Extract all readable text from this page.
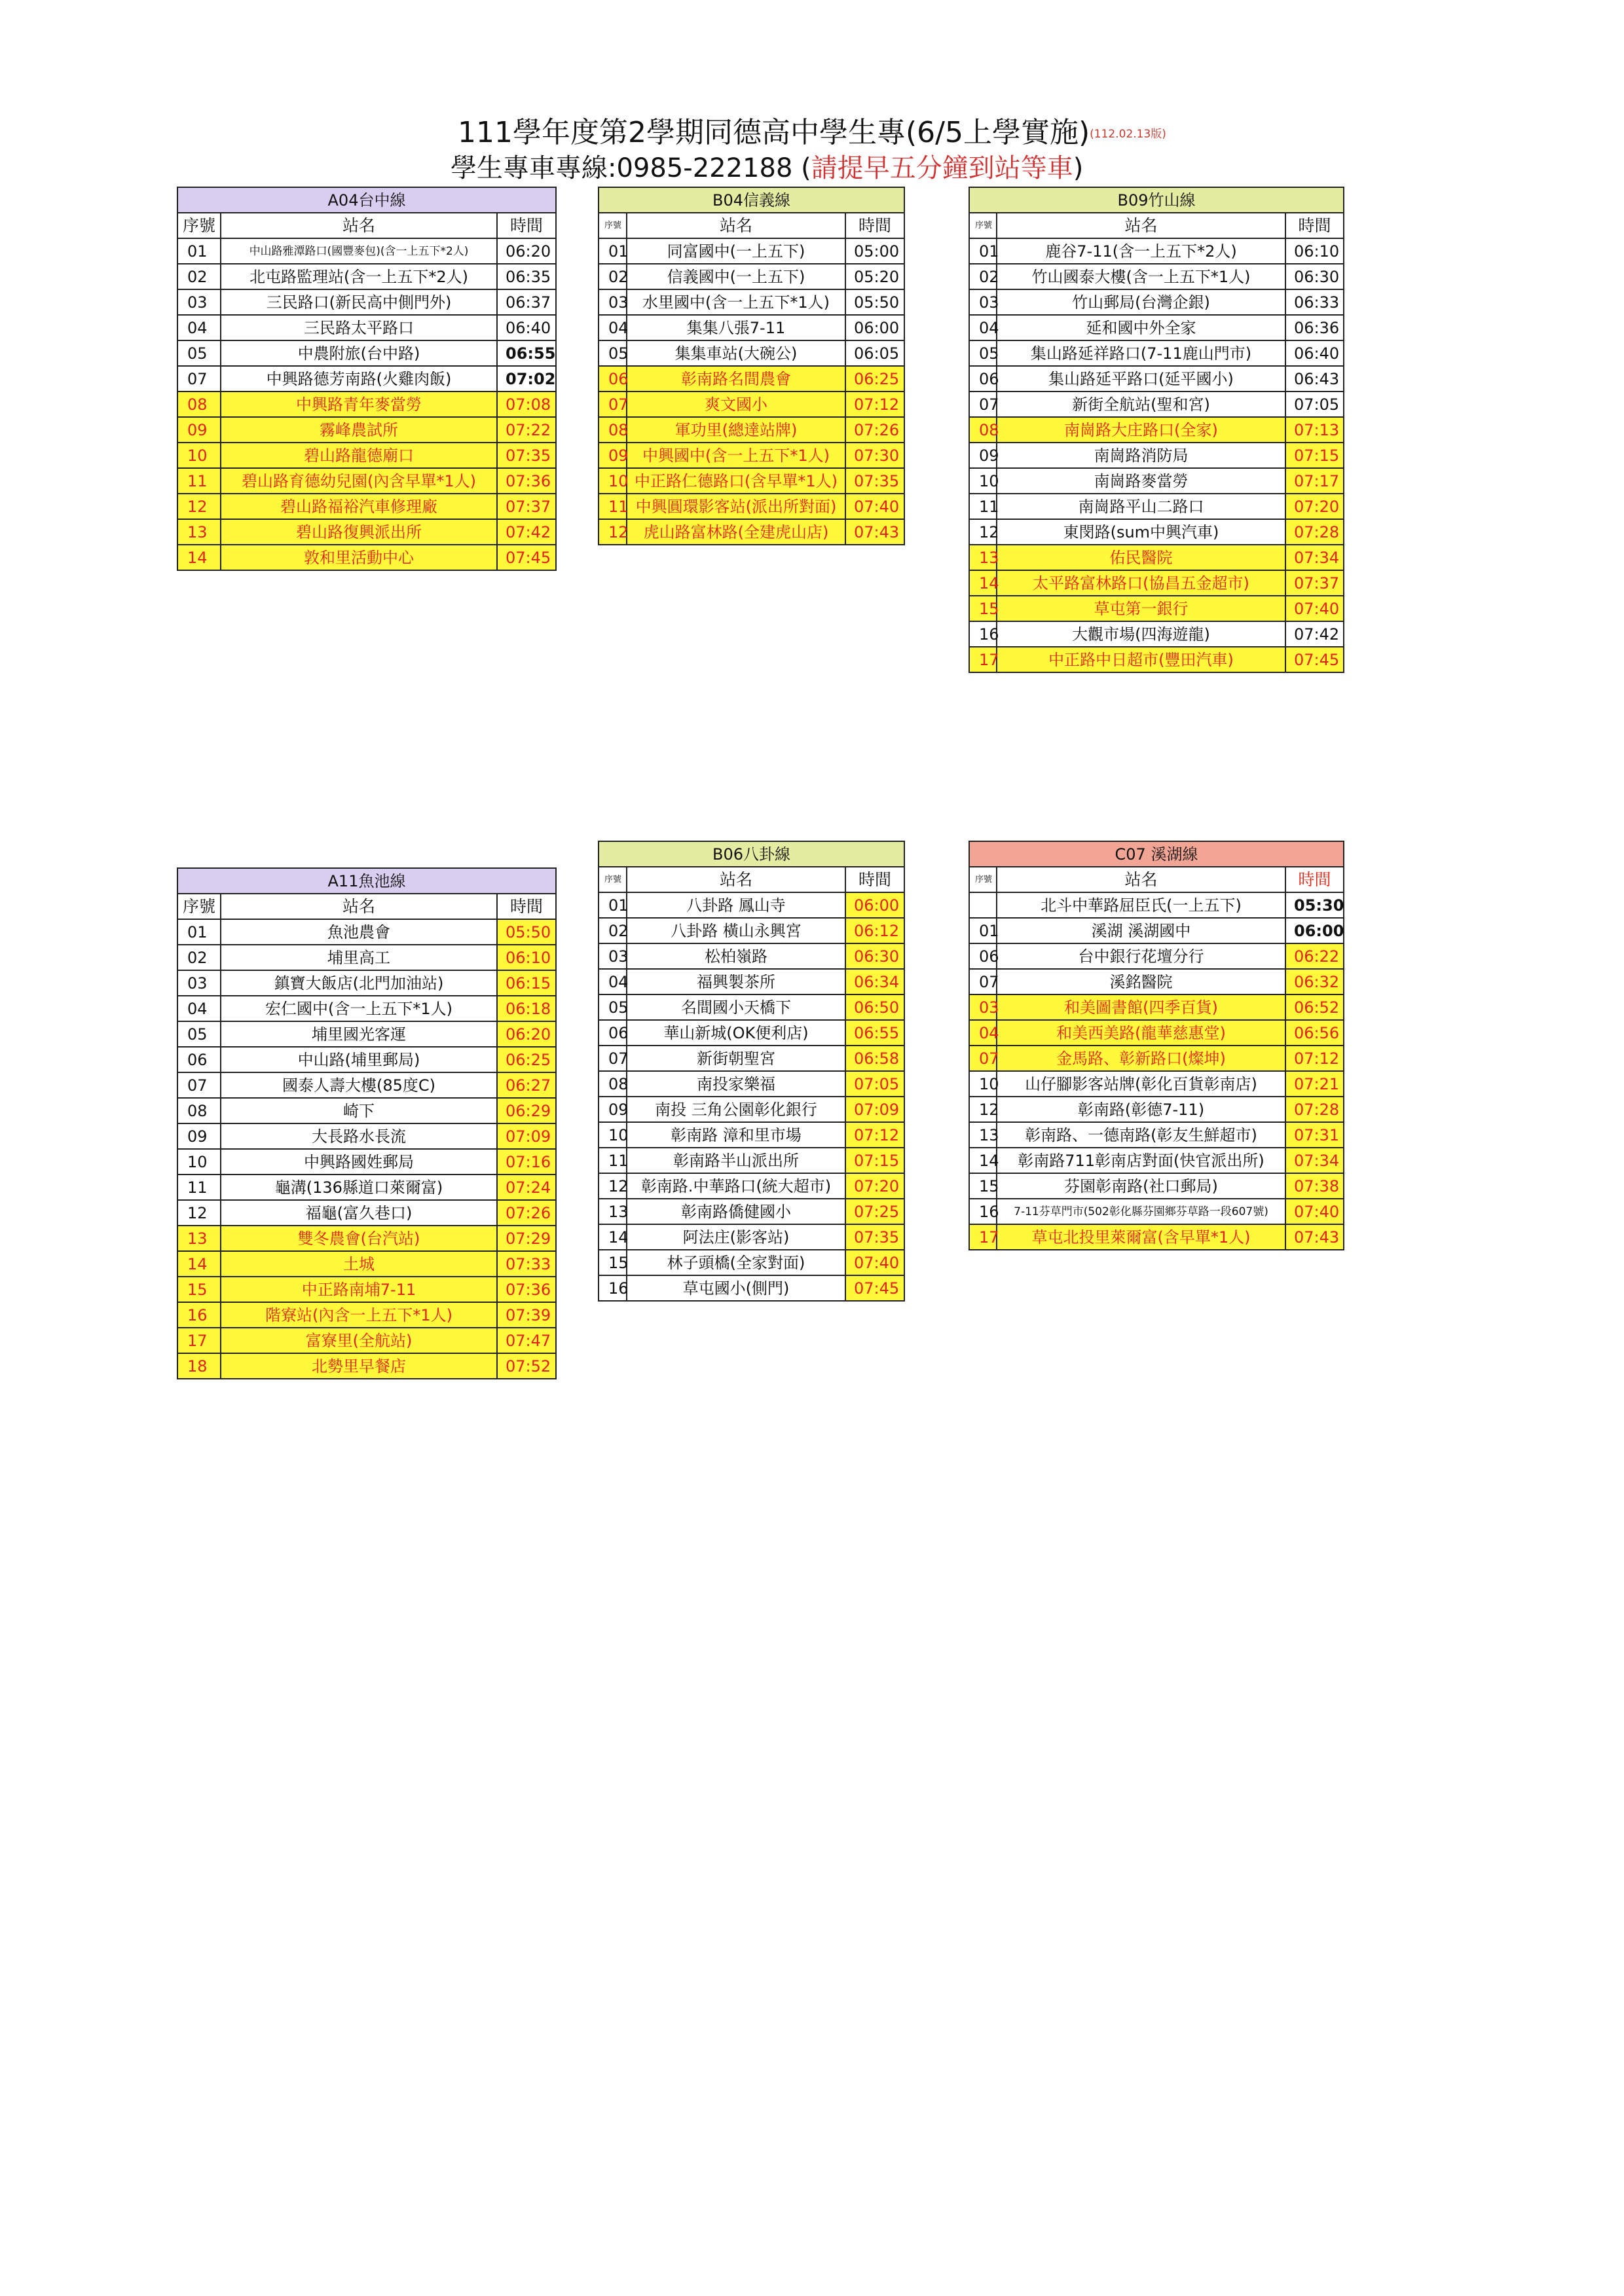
111學年度第2學期同德高中學生專(6/5上學實施)(112.02.13版)
學生專車專線:0985-222188 (請提早五分鐘到站等車)
A04台中線		
序號	站名	時間
01	中山路雅潭路口(國豐麥包)(含一上五下*2人)	06:20
02	北屯路監理站(含一上五下*2人)	06:35
03	三民路口(新民高中側門外)	06:37
04	三民路太平路口	06:40
05	中農附旅(台中路)	06:55
07	中興路德芳南路(火雞肉飯)	07:02
08	中興路青年麥當勞	07:08
09	霧峰農試所	07:22
10	碧山路龍德廟口	07:35
11	碧山路育德幼兒園(內含早單*1人)	07:36
12	碧山路福裕汽車修理廠	07:37
13	碧山路復興派出所	07:42
14	敦和里活動中心	07:45
B04信義線		
序號	站名	時間
01	同富國中(一上五下)	05:00
02	信義國中(一上五下)	05:20
03	水里國中(含一上五下*1人)	05:50
04	集集八張7-11	06:00
05	集集車站(大碗公)	06:05
06	彰南路名間農會	06:25
07	爽文國小	07:12
08	軍功里(總達站牌)	07:26
09	中興國中(含一上五下*1人)	07:30
10	中正路仁德路口(含早單*1人)	07:35
11	中興圓環影客站(派出所對面)	07:40
12	虎山路富林路(全建虎山店)	07:43
B09竹山線		
序號	站名	時間
01	鹿谷7-11(含一上五下*2人)	06:10
02	竹山國泰大樓(含一上五下*1人)	06:30
03	竹山郵局(台灣企銀)	06:33
04	延和國中外全家	06:36
05	集山路延祥路口(7-11鹿山門市)	06:40
06	集山路延平路口(延平國小)	06:43
07	新街全航站(聖和宮)	07:05
08	南崗路大庄路口(全家)	07:13
09	南崗路消防局	07:15
10	南崗路麥當勞	07:17
11	南崗路平山二路口	07:20
12	東閔路(sum中興汽車)	07:28
13	佑民醫院	07:34
14	太平路富林路口(協昌五金超市)	07:37
15	草屯第一銀行	07:40
16	大觀市場(四海遊龍)	07:42
17	中正路中日超市(豐田汽車)	07:45
A11魚池線		
序號	站名	時間
01	魚池農會	05:50
02	埔里高工	06:10
03	鎮寶大飯店(北門加油站)	06:15
04	宏仁國中(含一上五下*1人)	06:18
05	埔里國光客運	06:20
06	中山路(埔里郵局)	06:25
07	國泰人壽大樓(85度C)	06:27
08	崎下	06:29
09	大長路水長流	07:09
10	中興路國姓郵局	07:16
11	龜溝(136縣道口萊爾富)	07:24
12	福龜(富久巷口)	07:26
13	雙冬農會(台汽站)	07:29
14	土城	07:33
15	中正路南埔7-11	07:36
16	階寮站(內含一上五下*1人)	07:39
17	富寮里(全航站)	07:47
18	北勢里早餐店	07:52
B06八卦線		
序號	站名	時間
01	八卦路 鳳山寺	06:00
02	八卦路 橫山永興宮	06:12
03	松柏嶺路	06:30
04	福興製茶所	06:34
05	名間國小天橋下	06:50
06	華山新城(OK便利店)	06:55
07	新街朝聖宮	06:58
08	南投家樂福	07:05
09	南投 三角公園彰化銀行	07:09
10	彰南路 漳和里市場	07:12
11	彰南路半山派出所	07:15
12	彰南路.中華路口(統大超市)	07:20
13	彰南路僑健國小	07:25
14	阿法庄(影客站)	07:35
15	林子頭橋(全家對面)	07:40
16	草屯國小(側門)	07:45
C07 溪湖線		
序號	站名	時間
	北斗中華路屈臣氏(一上五下)	05:30
01	溪湖 溪湖國中	06:00
06	台中銀行花壇分行	06:22
07	溪銘醫院	06:32
03	和美圖書館(四季百貨)	06:52
04	和美西美路(龍華慈惠堂)	06:56
07	金馬路、彰新路口(燦坤)	07:12
10	山仔腳影客站牌(彰化百貨彰南店)	07:21
12	彰南路(彰德7-11)	07:28
13	彰南路、一德南路(彰友生鮮超市)	07:31
14	彰南路711彰南店對面(快官派出所)	07:34
15	芬園彰南路(社口郵局)	07:38
16	7-11芬草門市(502彰化縣芬園鄉芬草路一段607號)	07:40
17	草屯北投里萊爾富(含早單*1人)	07:43
